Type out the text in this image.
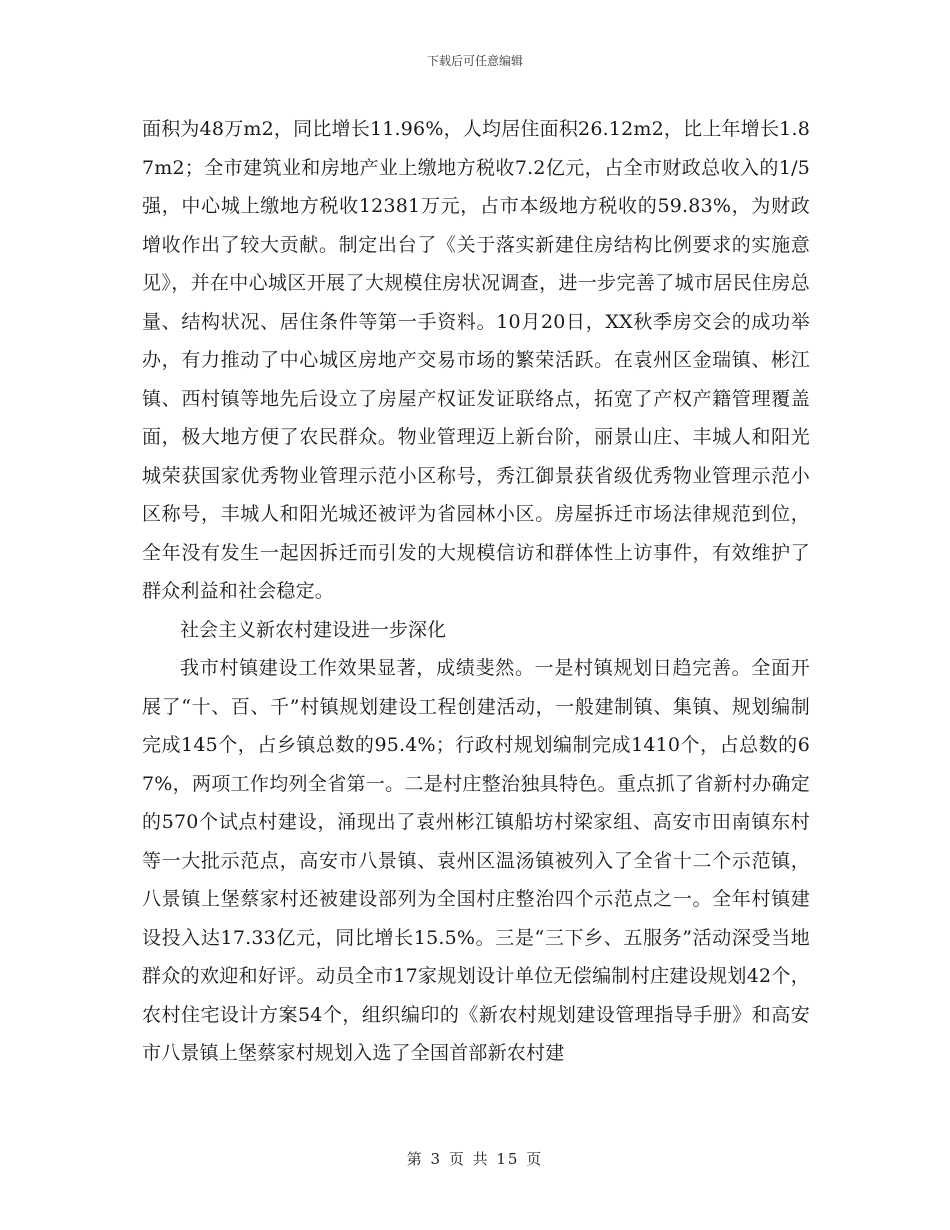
下载后可任意编辑

面积为48万m2，同比增长11.96%，人均居住面积26.12m2，比上年增长1.87m2；全市建筑业和房地产业上缴地方税收7.2亿元，占全市财政总收入的1/5强，中心城上缴地方税收12381万元，占市本级地方税收的59.83%，为财政增收作出了较大贡献。制定出台了《关于落实新建住房结构比例要求的实施意见》，并在中心城区开展了大规模住房状况调查，进一步完善了城市居民住房总量、结构状况、居住条件等第一手资料。10月20日，XX秋季房交会的成功举办，有力推动了中心城区房地产交易市场的繁荣活跃。在袁州区金瑞镇、彬江镇、西村镇等地先后设立了房屋产权证发证联络点，拓宽了产权产籍管理覆盖面，极大地方便了农民群众。物业管理迈上新台阶，丽景山庄、丰城人和阳光城荣获国家优秀物业管理示范小区称号，秀江御景获省级优秀物业管理示范小区称号，丰城人和阳光城还被评为省园林小区。房屋拆迁市场法律规范到位，全年没有发生一起因拆迁而引发的大规模信访和群体性上访事件，有效维护了群众利益和社会稳定。

社会主义新农村建设进一步深化

我市村镇建设工作效果显著，成绩斐然。一是村镇规划日趋完善。全面开展了“十、百、千”村镇规划建设工程创建活动，一般建制镇、集镇、规划编制完成145个，占乡镇总数的95.4%；行政村规划编制完成1410个，占总数的67%，两项工作均列全省第一。二是村庄整治独具特色。重点抓了省新村办确定的570个试点村建设，涌现出了袁州彬江镇船坊村梁家组、高安市田南镇东村等一大批示范点，高安市八景镇、袁州区温汤镇被列入了全省十二个示范镇，八景镇上堡蔡家村还被建设部列为全国村庄整治四个示范点之一。全年村镇建设投入达17.33亿元，同比增长15.5%。三是“三下乡、五服务”活动深受当地群众的欢迎和好评。动员全市17家规划设计单位无偿编制村庄建设规划42个，农村住宅设计方案54个，组织编印的《新农村规划建设管理指导手册》和高安市八景镇上堡蔡家村规划入选了全国首部新农村建

第 3 页 共 15 页
